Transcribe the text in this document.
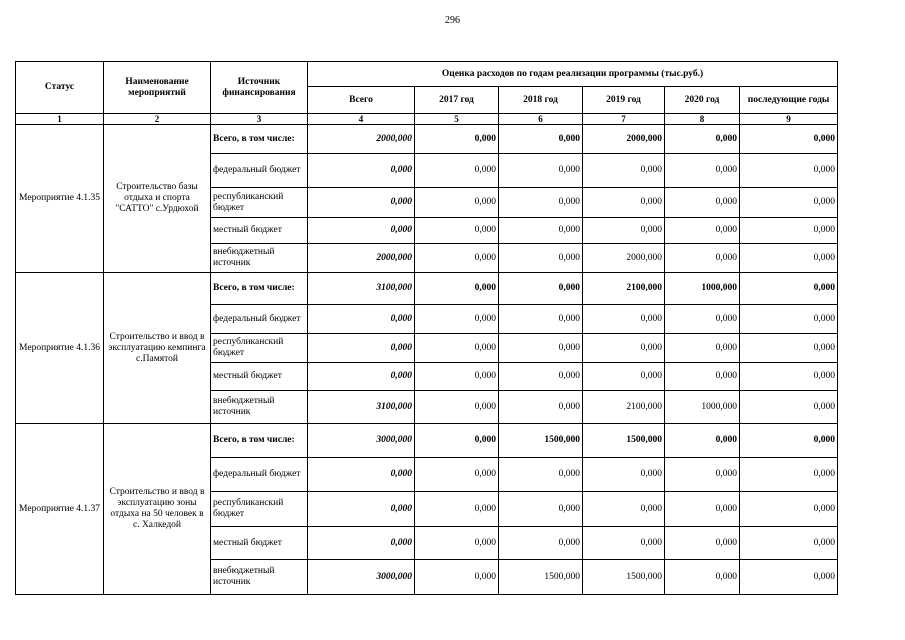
296
Статус	Наименование мероприятий	Источник финансирования	Оценка расходов по годам реализации программы (тыс.руб.)					
			Всего	2017 год	2018 год	2019 год	2020 год	последующие годы
1	2	3	4	5	6	7	8	9
Мероприятие 4.1.35	Строительство базы отдыха и спорта "САТТО" с.Урдюхой	Всего, в том числе:	2000,000	0,000	0,000	2000,000	0,000	0,000
		федеральный бюджет	0,000	0,000	0,000	0,000	0,000	0,000
		республиканский бюджет	0,000	0,000	0,000	0,000	0,000	0,000
		местный бюджет	0,000	0,000	0,000	0,000	0,000	0,000
		внебюджетный источник	2000,000	0,000	0,000	2000,000	0,000	0,000
Мероприятие 4.1.36	Строительство и ввод в эксплуатацию кемпинга с.Памятой	Всего, в том числе:	3100,000	0,000	0,000	2100,000	1000,000	0,000
		федеральный бюджет	0,000	0,000	0,000	0,000	0,000	0,000
		республиканский бюджет	0,000	0,000	0,000	0,000	0,000	0,000
		местный бюджет	0,000	0,000	0,000	0,000	0,000	0,000
		внебюджетный источник	3100,000	0,000	0,000	2100,000	1000,000	0,000
Мероприятие 4.1.37	Строительство и ввод в эксплуатацию зоны отдыха на 50 человек в с. Халкедой	Всего, в том числе:	3000,000	0,000	1500,000	1500,000	0,000	0,000
		федеральный бюджет	0,000	0,000	0,000	0,000	0,000	0,000
		республиканский бюджет	0,000	0,000	0,000	0,000	0,000	0,000
		местный бюджет	0,000	0,000	0,000	0,000	0,000	0,000
		внебюджетный источник	3000,000	0,000	1500,000	1500,000	0,000	0,000
